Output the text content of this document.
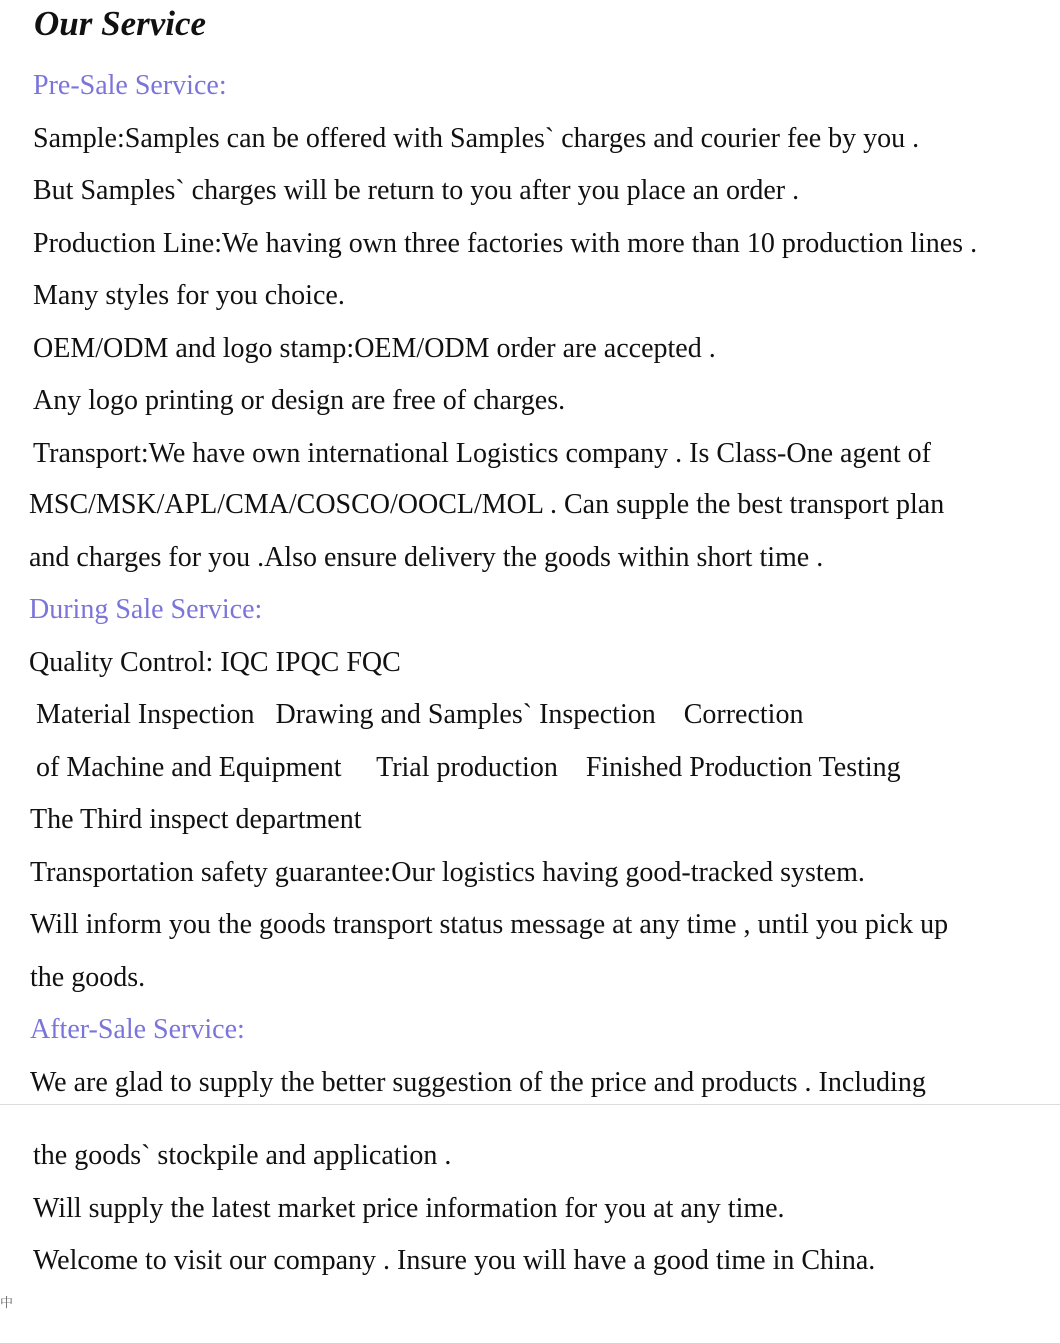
Our Service
Pre-Sale Service:
Sample:Samples can be offered with Samples` charges and courier fee by you .
But Samples` charges will be return to you after you place an order .
Production Line:We having own three factories with more than 10 production lines .
Many styles for you choice.
OEM/ODM and logo stamp:OEM/ODM order are accepted .
Any logo printing or design are free of charges.
Transport:We have own international Logistics company . Is Class-One agent of
MSC/MSK/APL/CMA/COSCO/OOCL/MOL . Can supple the best transport plan
and charges for you .Also ensure delivery the goods within short time .
During Sale Service:
Quality Control: IQC IPQC FQC
Material Inspection   Drawing and Samples` Inspection    Correction
of Machine and Equipment     Trial production    Finished Production Testing
The Third inspect department
Transportation safety guarantee:Our logistics having good-tracked system.
Will inform you the goods transport status message at any time , until you pick up
the goods.
After-Sale Service:
We are glad to supply the better suggestion of the price and products . Including
the goods` stockpile and application .
Will supply the latest market price information for you at any time.
Welcome to visit our company . Insure you will have a good time in China.
中
